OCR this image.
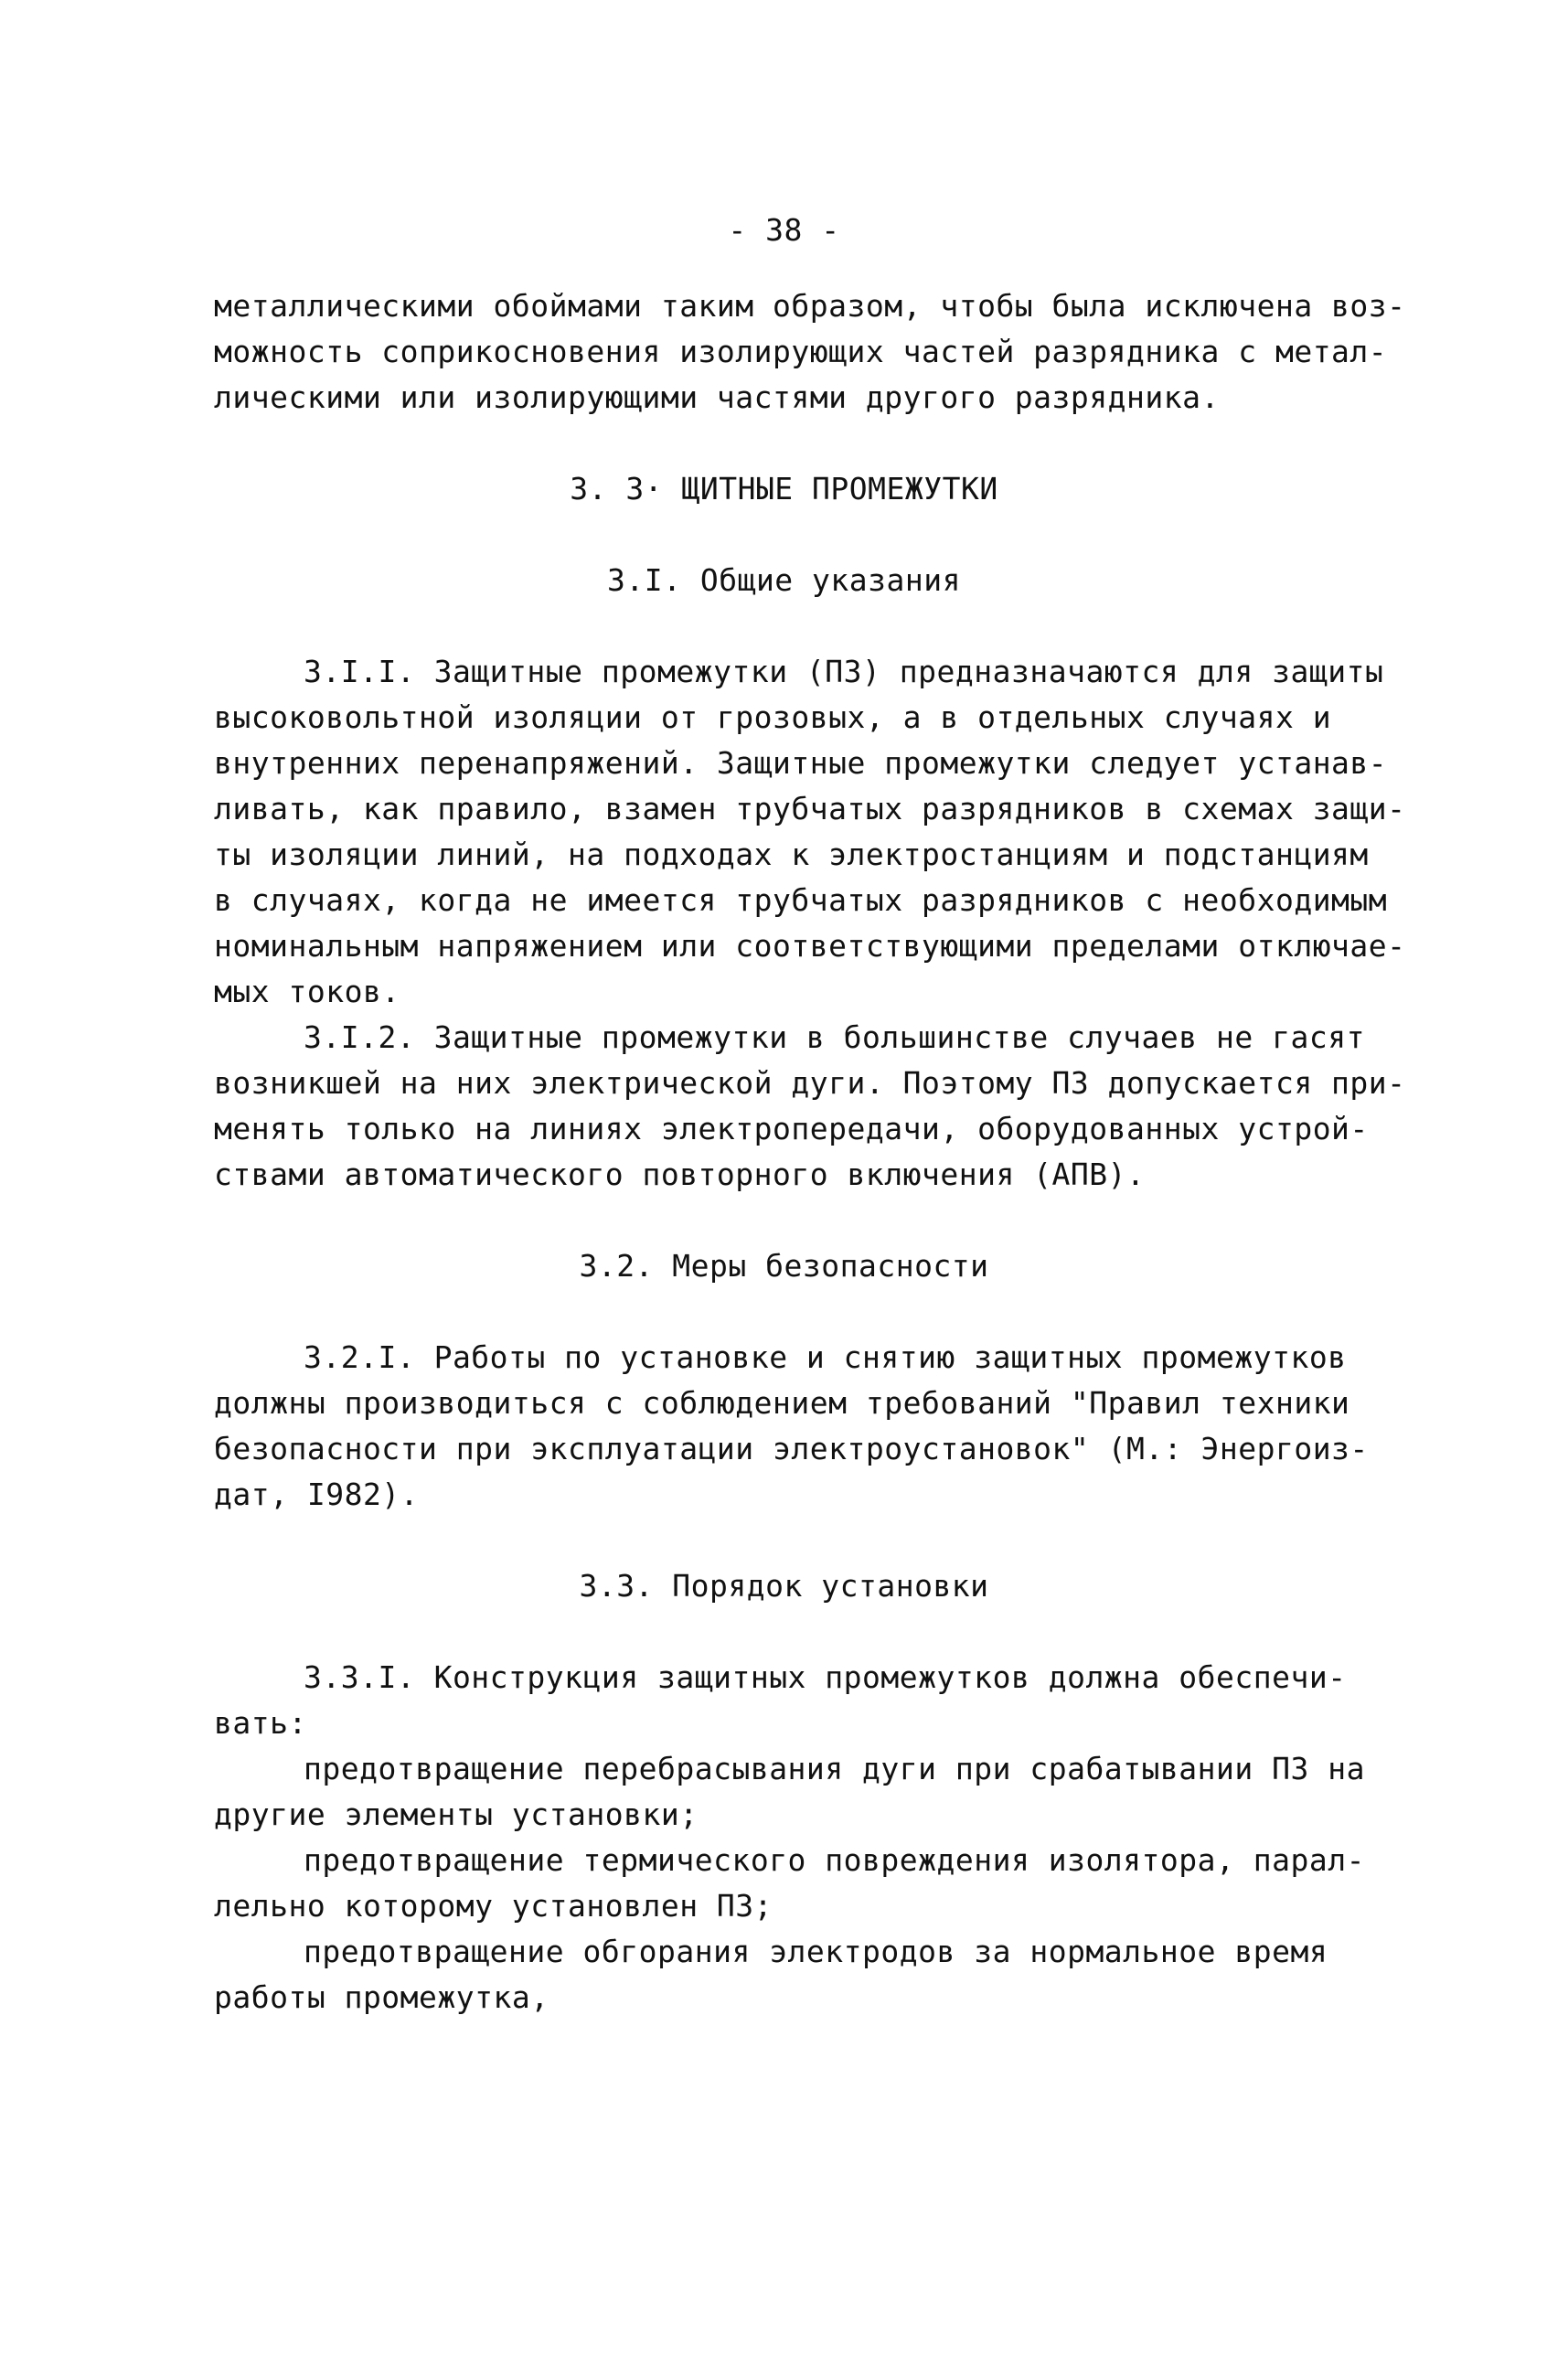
- 38 -
металлическими обоймами таким образом, чтобы была исключена воз-
можность соприкосновения изолирующих частей разрядника с метал-
лическими или изолирующими частями другого разрядника.
3. 3· ЩИТНЫЕ ПРОМЕЖУТКИ
3.I. Общие указания
3.I.I. Защитные промежутки (ПЗ) предназначаются для защиты
высоковольтной изоляции от грозовых, а в отдельных случаях и
внутренних перенапряжений. Защитные промежутки следует устанав-
ливать, как правило, взамен трубчатых разрядников в схемах защи-
ты изоляции линий, на подходах к электростанциям и подстанциям
в случаях, когда не имеется трубчатых разрядников с необходимым
номинальным напряжением или соответствующими пределами отключае-
мых токов.
3.I.2. Защитные промежутки в большинстве случаев не гасят
возникшей на них электрической дуги. Поэтому ПЗ допускается при-
менять только на линиях электропередачи, оборудованных устрой-
ствами автоматического повторного включения (АПВ).
3.2. Меры безопасности
3.2.I. Работы по установке и снятию защитных промежутков
должны производиться с соблюдением требований "Правил техники
безопасности при эксплуатации электроустановок" (М.: Энергоиз-
дат, I982).
3.3. Порядок установки
3.3.I. Конструкция защитных промежутков должна обеспечи-
вать:
предотвращение перебрасывания дуги при срабатывании ПЗ на
другие элементы установки;
предотвращение термического повреждения изолятора, парал-
лельно которому установлен ПЗ;
предотвращение обгорания электродов за нормальное время
работы промежутка,
